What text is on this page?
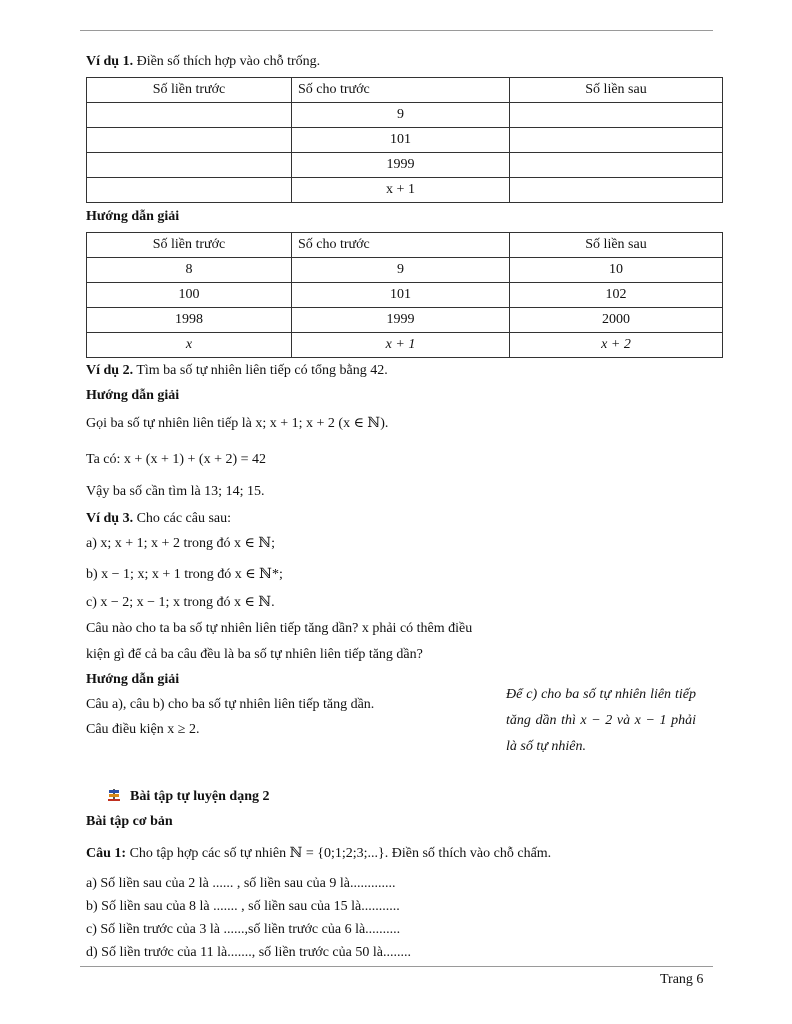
Ví dụ 1. Điền số thích hợp vào chỗ trống.
Số liền trước	Số cho trước	Số liền sau
	9	
	101	
	1999	
	x + 1	
Hướng dẫn giải
Số liền trước	Số cho trước	Số liền sau
8	9	10
100	101	102
1998	1999	2000
x	x + 1	x + 2
Ví dụ 2. Tìm ba số tự nhiên liên tiếp có tổng bằng 42.
Hướng dẫn giải
Gọi ba số tự nhiên liên tiếp là x; x + 1; x + 2 (x ∈ ℕ).
Ta có: x + (x + 1) + (x + 2) = 42
Vậy ba số cần tìm là 13; 14; 15.
Ví dụ 3. Cho các câu sau:
a) x; x + 1; x + 2 trong đó x ∈ ℕ;
b) x − 1; x; x + 1 trong đó x ∈ ℕ*;
c) x − 2; x − 1; x trong đó x ∈ ℕ.
Câu nào cho ta ba số tự nhiên liên tiếp tăng dần? x phải có thêm điều
kiện gì để cả ba câu đều là ba số tự nhiên liên tiếp tăng dần?
Hướng dẫn giải
Câu a), câu b) cho ba số tự nhiên liên tiếp tăng dần.
Câu điều kiện x ≥ 2.
Để c) cho ba số tự nhiên liên tiếp tăng dần thì x − 2 và x − 1 phải là số tự nhiên.
Bài tập tự luyện dạng 2
Bài tập cơ bản
Câu 1: Cho tập hợp các số tự nhiên ℕ = {0;1;2;3;...}. Điền số thích vào chỗ chấm.
a) Số liền sau của 2 là ...... , số liền sau của 9 là.............
b) Số liền sau của 8 là ....... , số liền sau của 15 là...........
c) Số liền trước của 3 là ......,số liền trước của 6 là..........
d) Số liền trước của 11 là......., số liền trước của 50 là........
Trang 6
